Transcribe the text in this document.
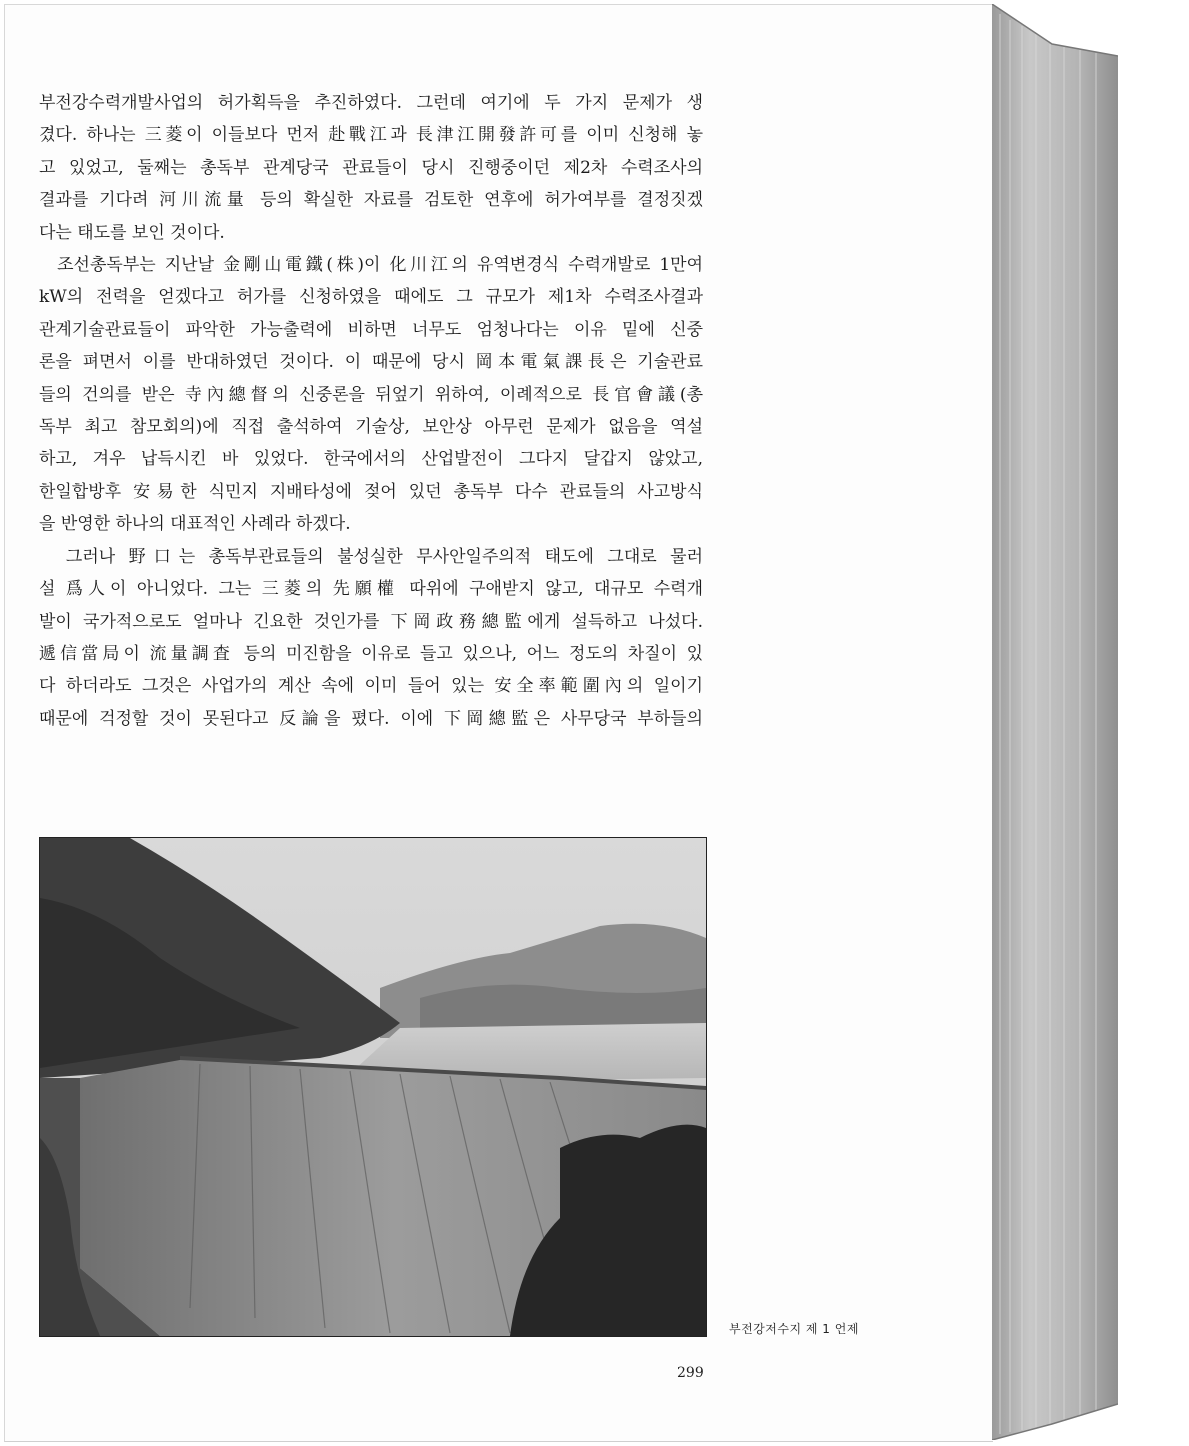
부전강수력개발사업의 허가획득을 추진하였다. 그런데 여기에 두 가지 문제가 생
겼다. 하나는 三菱이 이들보다 먼저 赴戰江과 長津江開發許可를 이미 신청해 놓
고 있었고, 둘째는 총독부 관계당국 관료들이 당시 진행중이던 제2차 수력조사의
결과를 기다려 河川流量 등의 확실한 자료를 검토한 연후에 허가여부를 결정짓겠
다는 태도를 보인 것이다.

조선총독부는 지난날 金剛山電鐵(株)이 化川江의 유역변경식 수력개발로 1만여
kW의 전력을 얻겠다고 허가를 신청하였을 때에도 그 규모가 제1차 수력조사결과
관계기술관료들이 파악한 가능출력에 비하면 너무도 엄청나다는 이유 밑에 신중
론을 펴면서 이를 반대하였던 것이다. 이 때문에 당시 岡本電氣課長은 기술관료
들의 건의를 받은 寺內總督의 신중론을 뒤엎기 위하여, 이례적으로 長官會議(총
독부 최고 참모회의)에 직접 출석하여 기술상, 보안상 아무런 문제가 없음을 역설
하고, 겨우 납득시킨 바 있었다. 한국에서의 산업발전이 그다지 달갑지 않았고,
한일합방후 安易한 식민지 지배타성에 젖어 있던 총독부 다수 관료들의 사고방식
을 반영한 하나의 대표적인 사례라 하겠다.

그러나 野口는 총독부관료들의 불성실한 무사안일주의적 태도에 그대로 물러
설 爲人이 아니었다. 그는 三菱의 先願權 따위에 구애받지 않고, 대규모 수력개
발이 국가적으로도 얼마나 긴요한 것인가를 下岡政務總監에게 설득하고 나섰다.
遞信當局이 流量調査 등의 미진함을 이유로 들고 있으나, 어느 정도의 차질이 있
다 하더라도 그것은 사업가의 계산 속에 이미 들어 있는 安全率範圍內의 일이기
때문에 걱정할 것이 못된다고 反論을 폈다. 이에 下岡總監은 사무당국 부하들의

부전강저수지 제 1 언제
299
